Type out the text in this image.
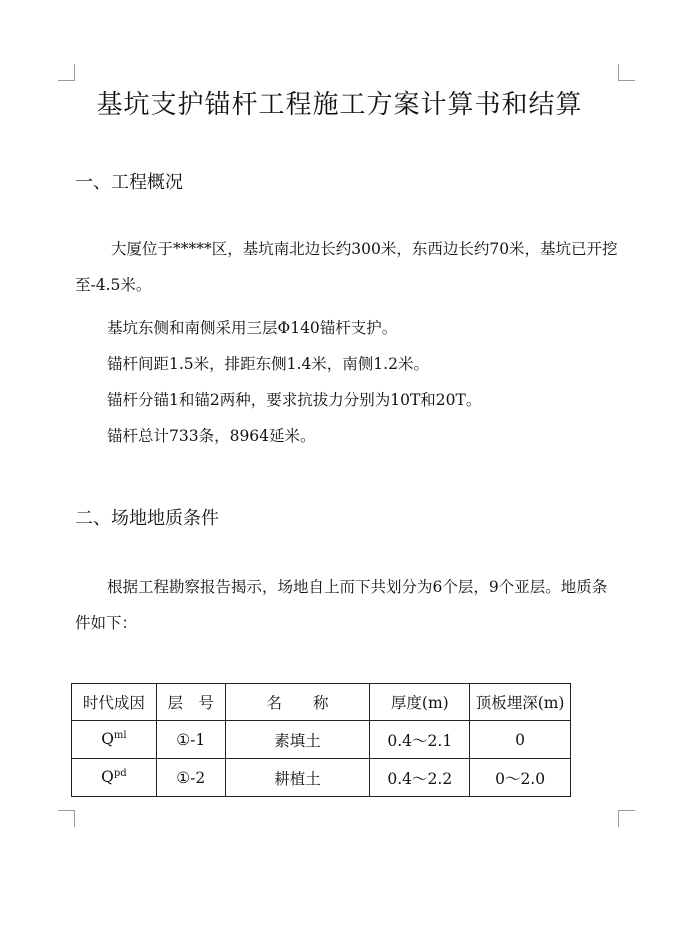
基坑支护锚杆工程施工方案计算书和结算
一、工程概况

大厦位于*****区，基坑南北边长约300米，东西边长约70米，基坑已开挖至-4.5米。

基坑东侧和南侧采用三层Φ140锚杆支护。

锚杆间距1.5米，排距东侧1.4米，南侧1.2米。

锚杆分锚1和锚2两种，要求抗拔力分别为10T和20T。

锚杆总计733条，8964延米。

二、场地地质条件

根据工程勘察报告揭示，场地自上而下共划分为6个层，9个亚层。地质条件如下：

时代成因	层　号	名　　称	厚度(m)	顶板埋深(m)
$Q^{ml}$	①-1	素填土	0.4～2.1	0
$Q^{pd}$	①-2	耕植土	0.4～2.2	0～2.0
